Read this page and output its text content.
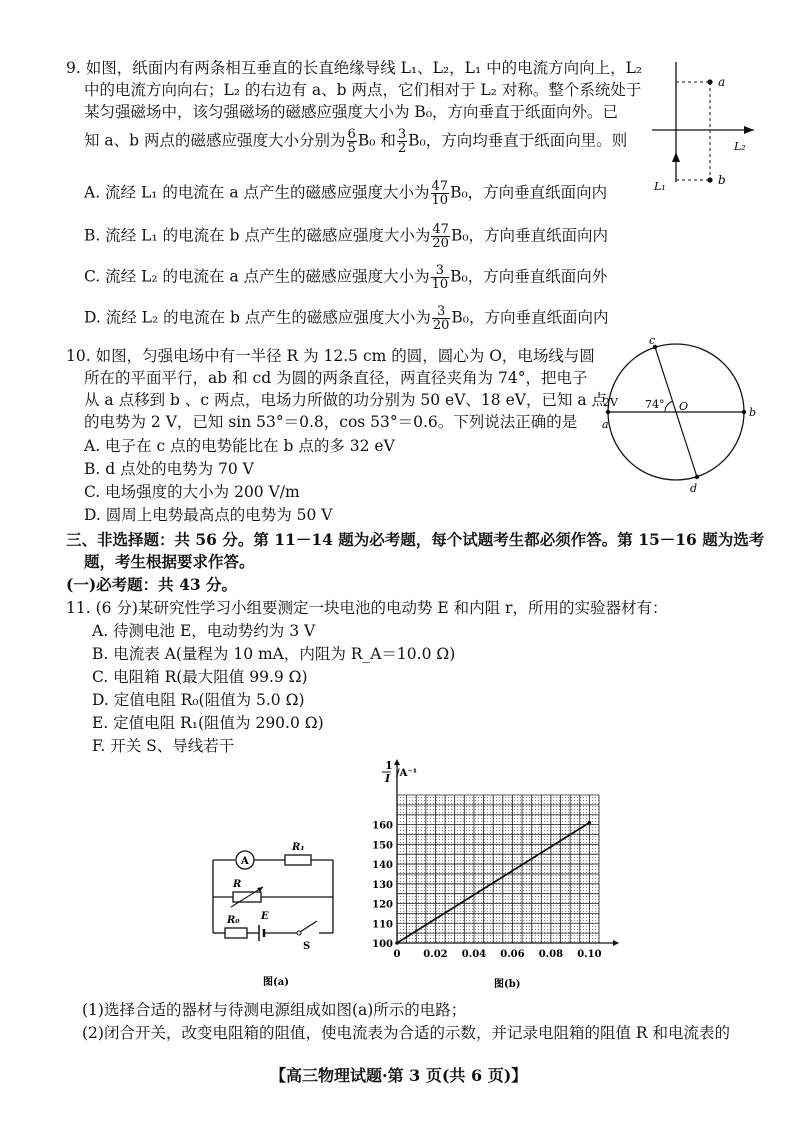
9. 如图，纸面内有两条相互垂直的长直绝缘导线 L₁、L₂，L₁ 中的电流方向向上，L₂
中的电流方向向右；L₂ 的右边有 a、b 两点，它们相对于 L₂ 对称。整个系统处于
某匀强磁场中，该匀强磁场的磁感应强度大小为 B₀，方向垂直于纸面向外。已
知 a、b 两点的磁感应强度大小分别为 $\frac{6}{5} B_0$ 和 $\frac{3}{2} B_0$，方向均垂直于纸面向里。则
A. 流经 L₁ 的电流在 a 点产生的磁感应强度大小为 $\frac{47}{10} B_0$，方向垂直纸面向内
B. 流经 L₁ 的电流在 b 点产生的磁感应强度大小为 $\frac{47}{20} B_0$，方向垂直纸面向内
C. 流经 L₂ 的电流在 a 点产生的磁感应强度大小为 $\frac{3}{10} B_0$，方向垂直纸面向外
D. 流经 L₂ 的电流在 b 点产生的磁感应强度大小为 $\frac{3}{20} B_0$，方向垂直纸面向内
a
b
L₂
L₁
10. 如图，匀强电场中有一半径 R 为 12.5 cm 的圆，圆心为 O，电场线与圆
所在的平面平行，ab 和 cd 为圆的两条直径，两直径夹角为 74°，把电子
从 a 点移到 b 、c 两点，电场力所做的功分别为 50 eV、18 eV，已知 a 点
的电势为 2 V，已知 sin 53°＝0.8，cos 53°＝0.6。下列说法正确的是
A. 电子在 c 点的电势能比在 b 点的多 32 eV
B. d 点处的电势为 70 V
C. 电场强度的大小为 200 V/m
D. 圆周上电势最高点的电势为 50 V
c
d
a
b
O
74°
2V
三、非选择题：共 56 分。第 11－14 题为必考题，每个试题考生都必须作答。第 15－16 题为选考
题，考生根据要求作答。
(一)必考题：共 43 分。
11. (6 分)某研究性学习小组要测定一块电池的电动势 E 和内阻 r，所用的实验器材有：
A. 待测电池 E，电动势约为 3 V
B. 电流表 A(量程为 10 mA，内阻为 R_A＝10.0 Ω)
C. 电阻箱 R(最大阻值 99.9 Ω)
D. 定值电阻 R₀(阻值为 5.0 Ω)
E. 定值电阻 R₁(阻值为 290.0 Ω)
F. 开关 S、导线若干
A
R₁
R
R₀ E
S
图(a)
0 0.02 0.04 0.06 0.08 0.10
100
110
120
130
140
150
160
1
I /A⁻¹
图(b)
(1)选择合适的器材与待测电源组成如图(a)所示的电路；
(2)闭合开关，改变电阻箱的阻值，使电流表为合适的示数，并记录电阻箱的阻值 R 和电流表的
【高三物理试题·第 3 页(共 6 页)】
